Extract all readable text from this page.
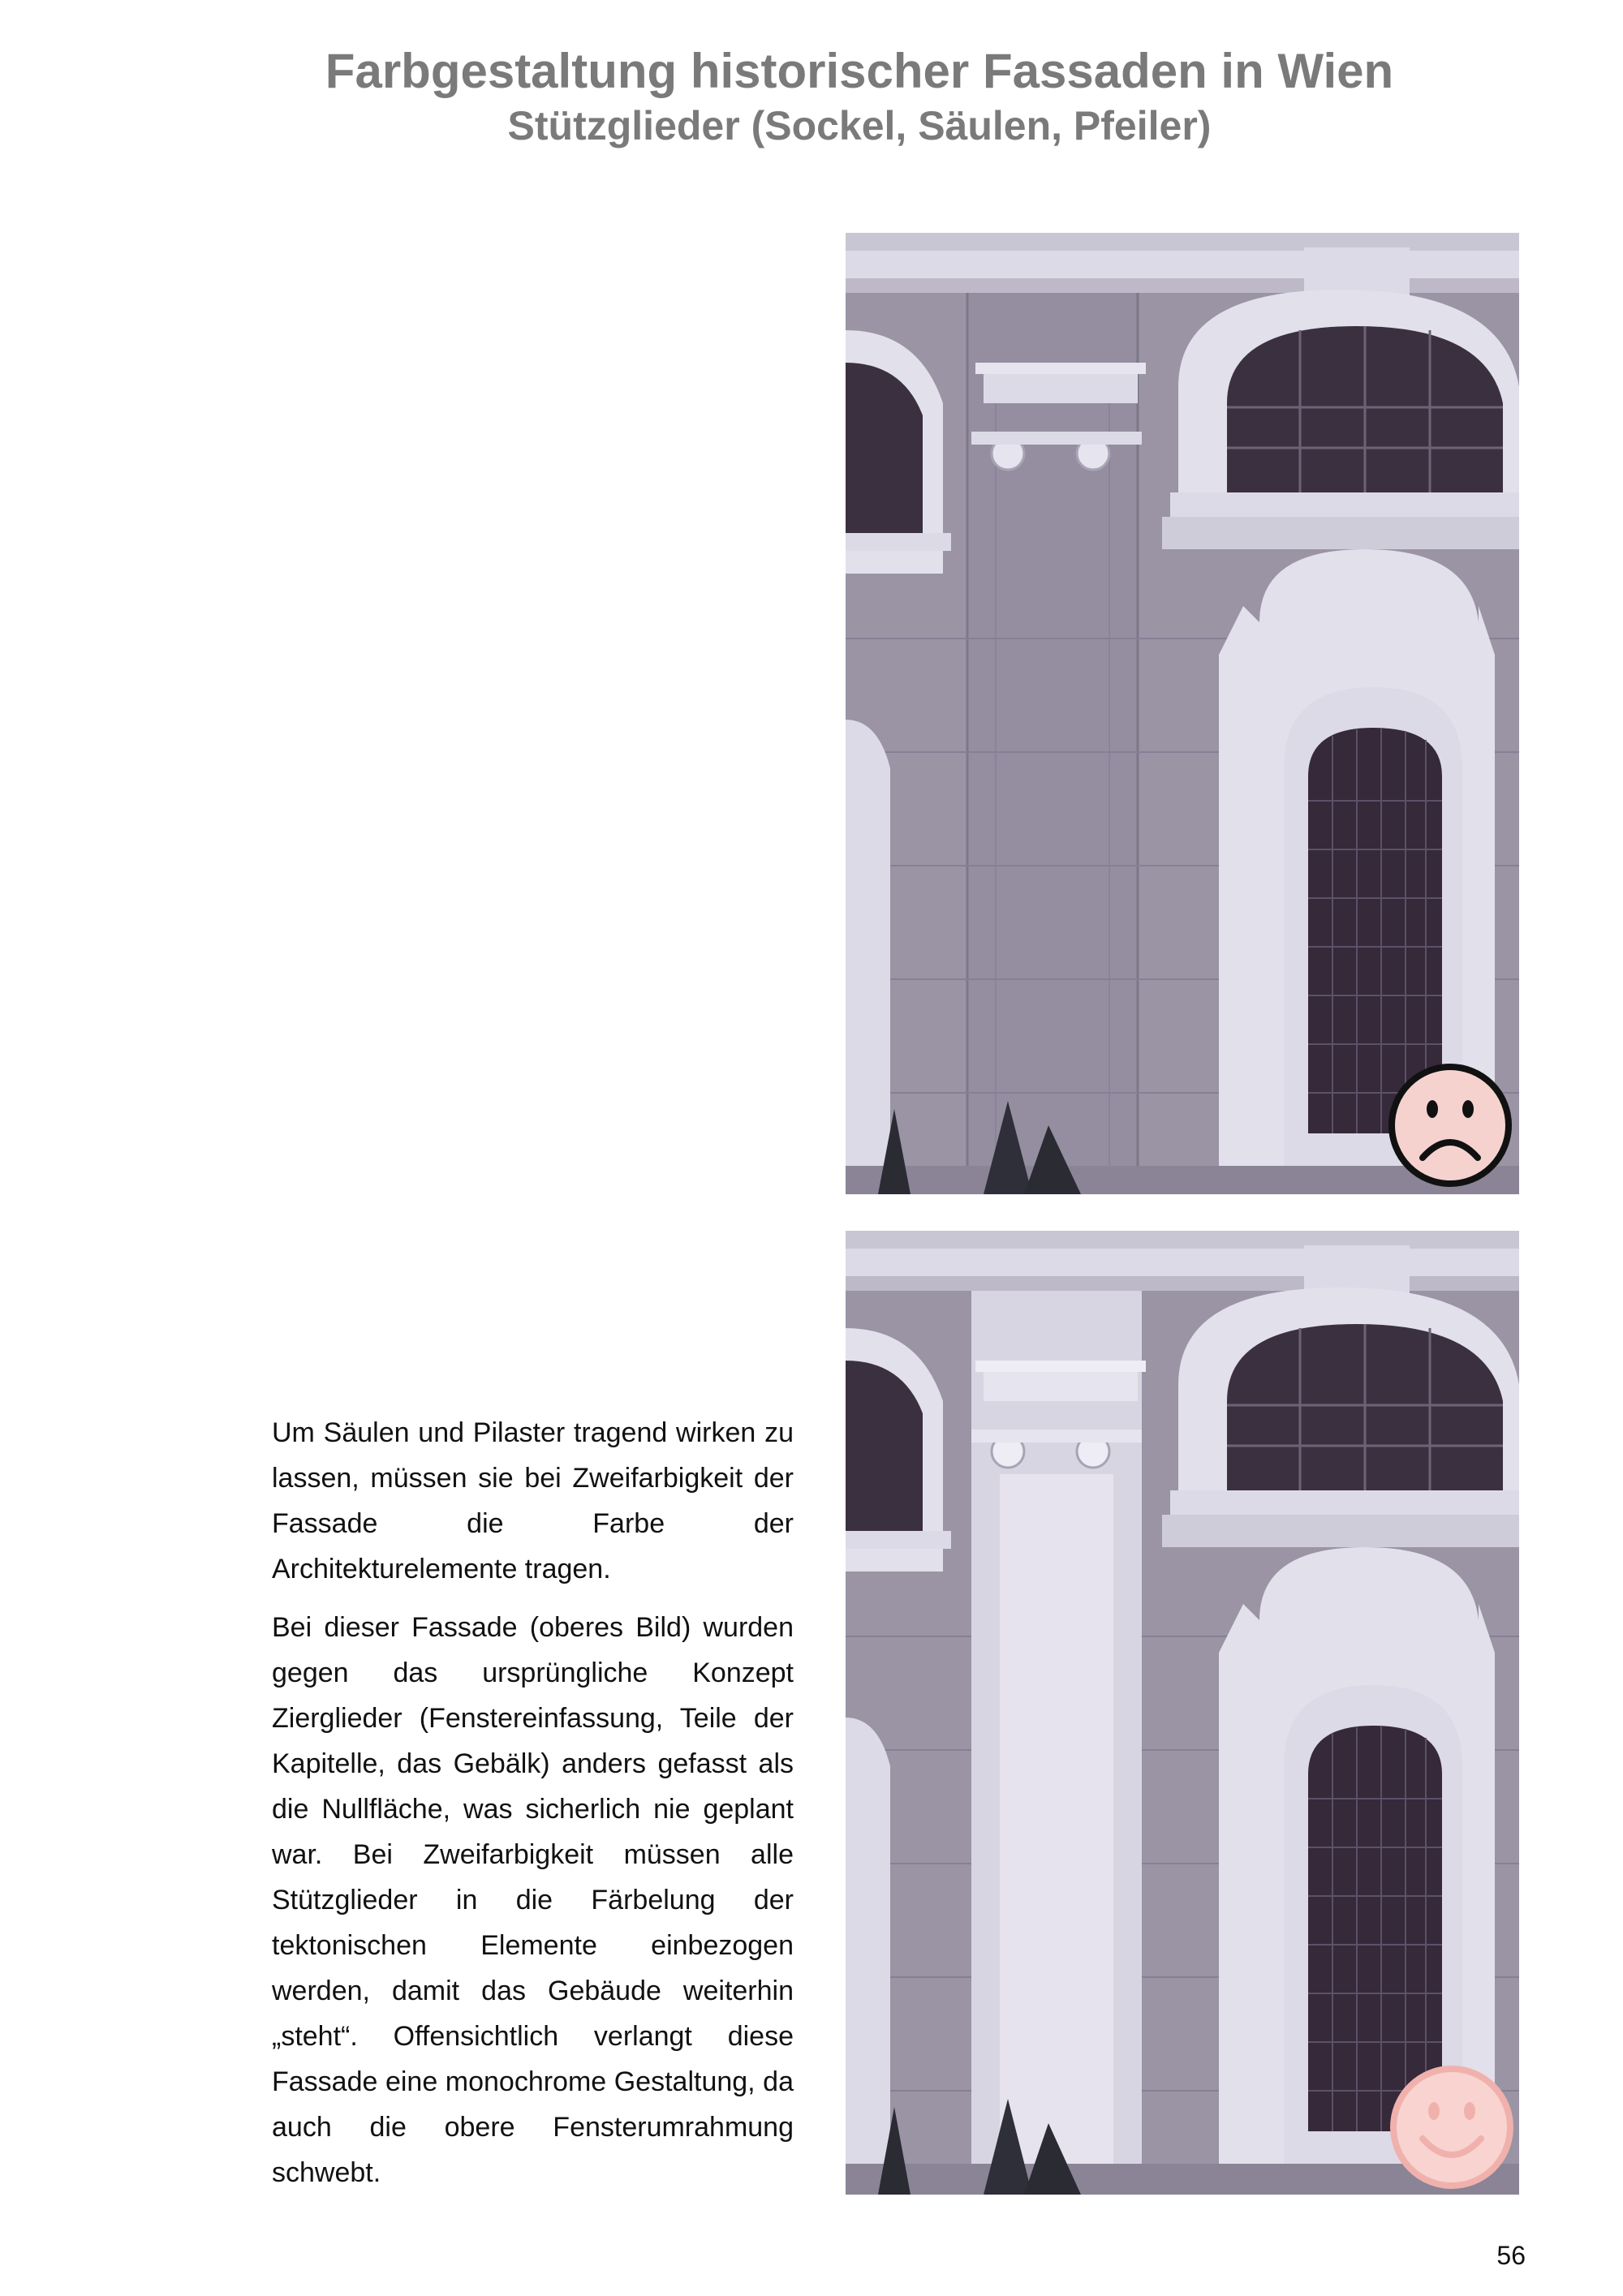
Farbgestaltung historischer Fassaden in Wien
Stützglieder (Sockel, Säulen, Pfeiler)

Um Säulen und Pilaster tragend wirken zu lassen, müssen sie bei Zweifarbigkeit der Fassade die Farbe der Architekturelemente tragen.

Bei dieser Fassade (oberes Bild) wurden gegen das ursprüngliche Konzept Zierglieder (Fenstereinfassung, Teile der Kapitelle, das Gebälk) anders gefasst als die Nullfläche, was sicherlich nie geplant war. Bei Zweifarbigkeit müssen alle Stützglieder in die Färbelung der tektonischen Elemente einbezogen werden, damit das Gebäude weiterhin „steht“. Offensichtlich verlangt diese Fassade eine monochrome Gestaltung, da auch die obere Fensterumrahmung schwebt.

56
